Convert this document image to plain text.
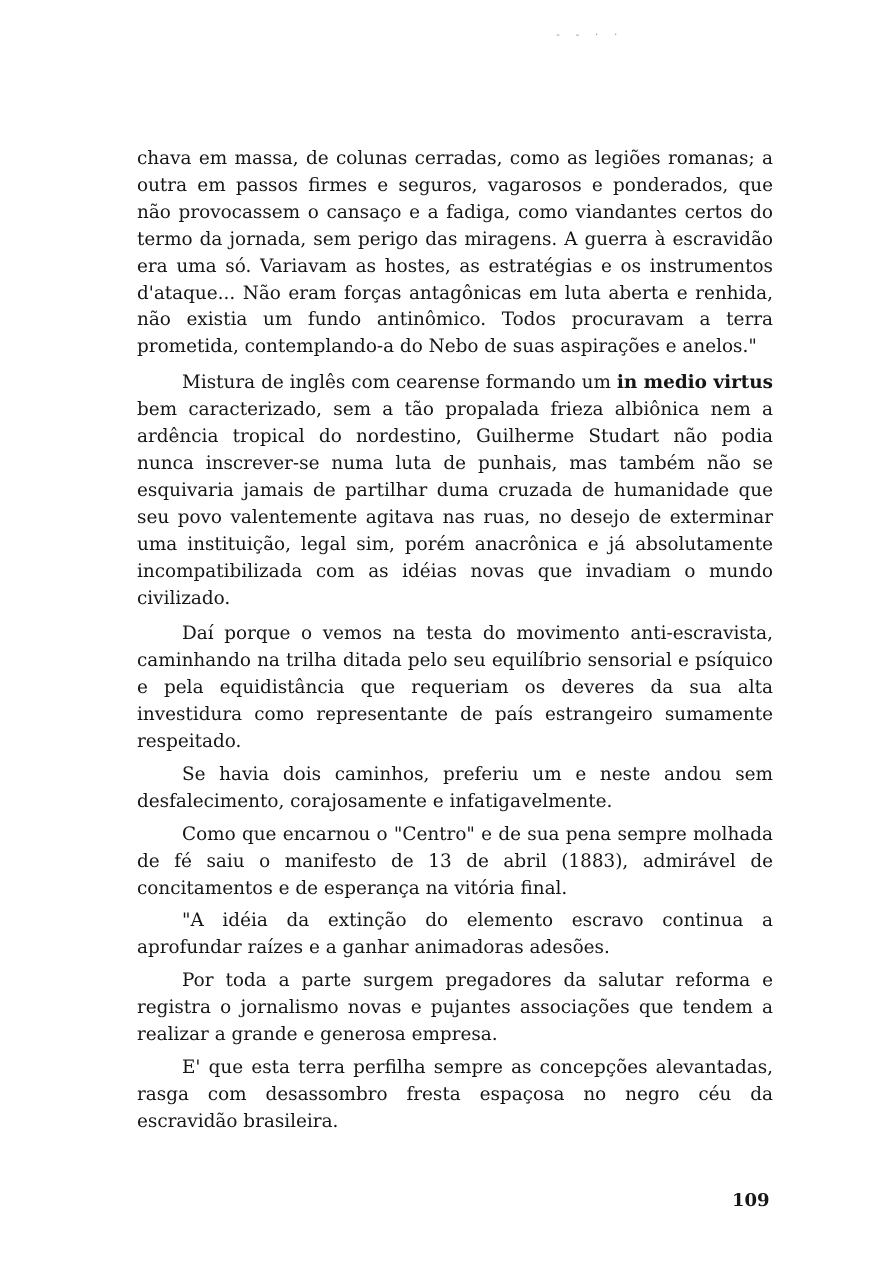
- - · ·

chava em massa, de colunas cerradas, como as legiões romanas; a outra em passos firmes e seguros, vagarosos e ponderados, que não provocassem o cansaço e a fadiga, como viandantes certos do termo da jornada, sem perigo das miragens. A guerra à escravidão era uma só. Variavam as hostes, as estratégias e os instrumentos d'ataque... Não eram forças antagônicas em luta aberta e renhida, não existia um fundo antinômico. Todos procuravam a terra prometida, contemplando-a do Nebo de suas aspirações e anelos."

Mistura de inglês com cearense formando um in medio virtus bem caracterizado, sem a tão propalada frieza albiônica nem a ardência tropical do nordestino, Guilherme Studart não podia nunca inscrever-se numa luta de punhais, mas também não se esquivaria jamais de partilhar duma cruzada de humanidade que seu povo valentemente agitava nas ruas, no desejo de exterminar uma instituição, legal sim, porém anacrônica e já absolutamente incompatibilizada com as idéias novas que invadiam o mundo civilizado.

Daí porque o vemos na testa do movimento anti-escravista, caminhando na trilha ditada pelo seu equilíbrio sensorial e psíquico e pela equidistância que requeriam os deveres da sua alta investidura como representante de país estrangeiro sumamente respeitado.

Se havia dois caminhos, preferiu um e neste andou sem desfalecimento, corajosamente e infatigavelmente.

Como que encarnou o "Centro" e de sua pena sempre molhada de fé saiu o manifesto de 13 de abril (1883), admirável de concitamentos e de esperança na vitória final.

"A idéia da extinção do elemento escravo continua a aprofundar raízes e a ganhar animadoras adesões.

Por toda a parte surgem pregadores da salutar reforma e registra o jornalismo novas e pujantes associações que tendem a realizar a grande e generosa empresa.

E' que esta terra perfilha sempre as concepções alevantadas, rasga com desassombro fresta espaçosa no negro céu da escravidão brasileira.

109
